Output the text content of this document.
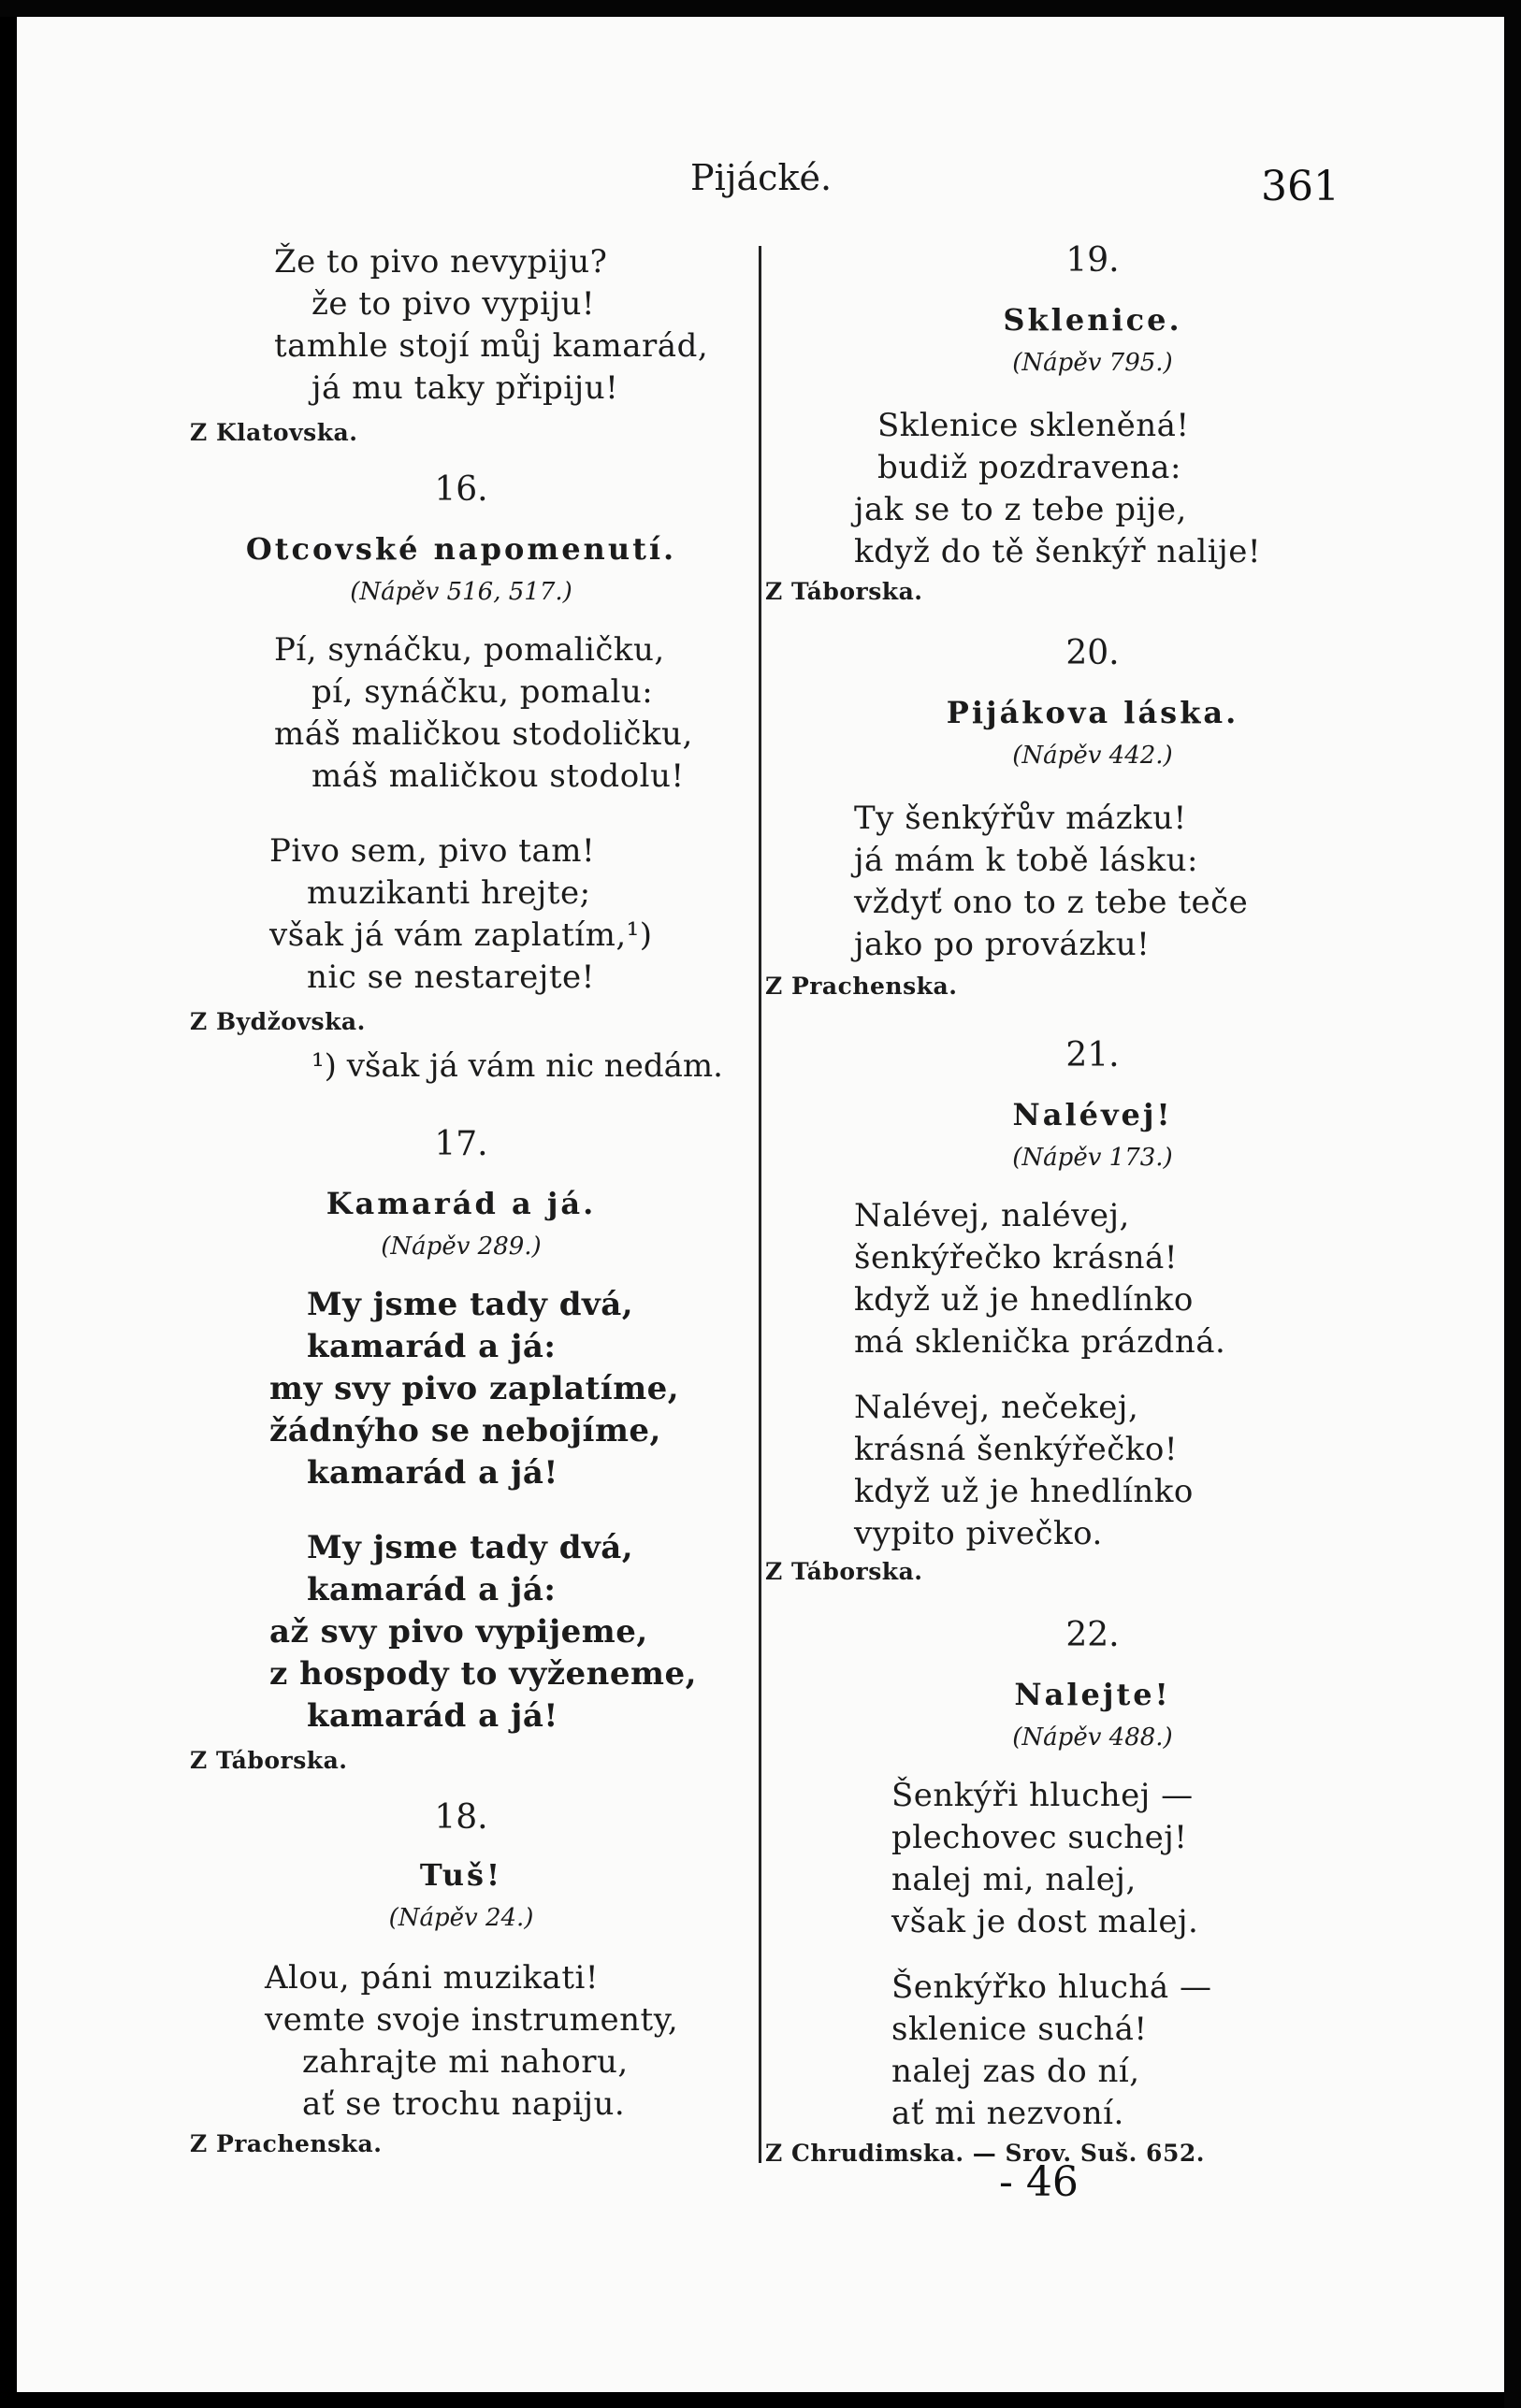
Pijácké.	361
Že to pivo nevypiju?
že to pivo vypiju!
tamhle stojí můj kamarád,
já mu taky připiju!
Z Klatovska.
16.
Otcovské napomenutí.
(Nápěv 516, 517.)
Pí, synáčku, pomaličku,
pí, synáčku, pomalu:
máš maličkou stodoličku,
máš maličkou stodolu!
Pivo sem, pivo tam!
muzikanti hrejte;
však já vám zaplatím,¹)
nic se nestarejte!
Z Bydžovska.
¹) však já vám nic nedám.
17.
Kamarád a já.
(Nápěv 289.)
My jsme tady dvá,
kamarád a já:
my svy pivo zaplatíme,
žádnýho se nebojíme,
kamarád a já!
My jsme tady dvá,
kamarád a já:
až svy pivo vypijeme,
z hospody to vyženeme,
kamarád a já!
Z Táborska.
18.
Tuš!
(Nápěv 24.)
Alou, páni muzikati!
vemte svoje instrumenty,
zahrajte mi nahoru,
ať se trochu napiju.
Z Prachenska.
19.
Sklenice.
(Nápěv 795.)
Sklenice skleněná!
budiž pozdravena:
jak se to z tebe pije,
když do tě šenkýř nalije!
Z Táborska.
20.
Pijákova láska.
(Nápěv 442.)
Ty šenkýřův mázku!
já mám k tobě lásku:
vždyť ono to z tebe teče
jako po provázku!
Z Prachenska.
21.
Nalévej!
(Nápěv 173.)
Nalévej, nalévej,
šenkýřečko krásná!
když už je hnedlínko
má sklenička prázdná.
Nalévej, nečekej,
krásná šenkýřečko!
když už je hnedlínko
vypito pivečko.
Z Táborska.
22.
Nalejte!
(Nápěv 488.)
Šenkýři hluchej —
plechovec suchej!
nalej mi, nalej,
však je dost malej.
Šenkýřko hluchá —
sklenice suchá!
nalej zas do ní,
ať mi nezvoní.
Z Chrudimska. — Srov. Suš. 652.
- 46
